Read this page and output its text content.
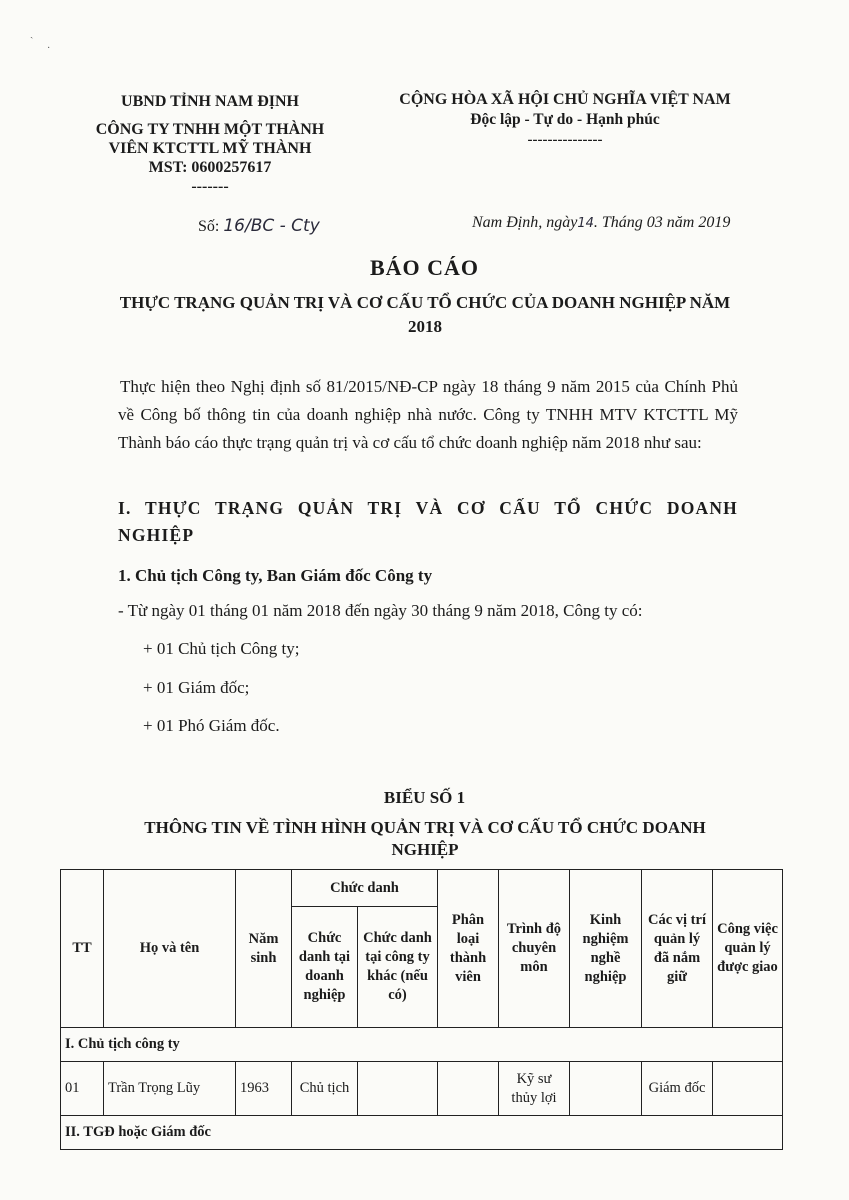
ˎ
·
UBND TỈNH NAM ĐỊNH
CÔNG TY TNHH MỘT THÀNH
VIÊN KTCTTL MỸ THÀNH
MST: 0600257617
-------
CỘNG HÒA XÃ HỘI CHỦ NGHĨA VIỆT NAM
Độc lập - Tự do - Hạnh phúc
---------------
Số: 16/BC - Cty	Nam Định, ngày14. Tháng 03 năm 2019
BÁO CÁO
THỰC TRẠNG QUẢN TRỊ VÀ CƠ CẤU TỔ CHỨC CỦA DOANH NGHIỆP NĂM 2018
Thực hiện theo Nghị định số 81/2015/NĐ-CP ngày 18 tháng 9 năm 2015 của Chính Phủ về Công bố thông tin của doanh nghiệp nhà nước. Công ty TNHH MTV KTCTTL Mỹ Thành báo cáo thực trạng quản trị và cơ cấu tổ chức doanh nghiệp năm 2018 như sau:
I. THỰC TRẠNG QUẢN TRỊ VÀ CƠ CẤU TỔ CHỨC DOANH NGHIỆP
1. Chủ tịch Công ty, Ban Giám đốc Công ty
- Từ ngày 01 tháng 01 năm 2018 đến ngày 30 tháng 9 năm 2018, Công ty có:
+ 01 Chủ tịch Công ty;
+ 01 Giám đốc;
+ 01 Phó Giám đốc.
BIỂU SỐ 1
THÔNG TIN VỀ TÌNH HÌNH QUẢN TRỊ VÀ CƠ CẤU TỔ CHỨC DOANH NGHIỆP
TT	Họ và tên	Năm sinh	Chức danh		Phân loại thành viên	Trình độ chuyên môn	Kinh nghiệm nghề nghiệp	Các vị trí quản lý đã nắm giữ	Công việc quản lý được giao
			Chức danh tại doanh nghiệp	Chức danh tại công ty khác (nếu có)					
I. Chủ tịch công ty									
01	Trần Trọng Lũy	1963	Chủ tịch			Kỹ sư thủy lợi		Giám đốc	
II. TGĐ hoặc Giám đốc									
